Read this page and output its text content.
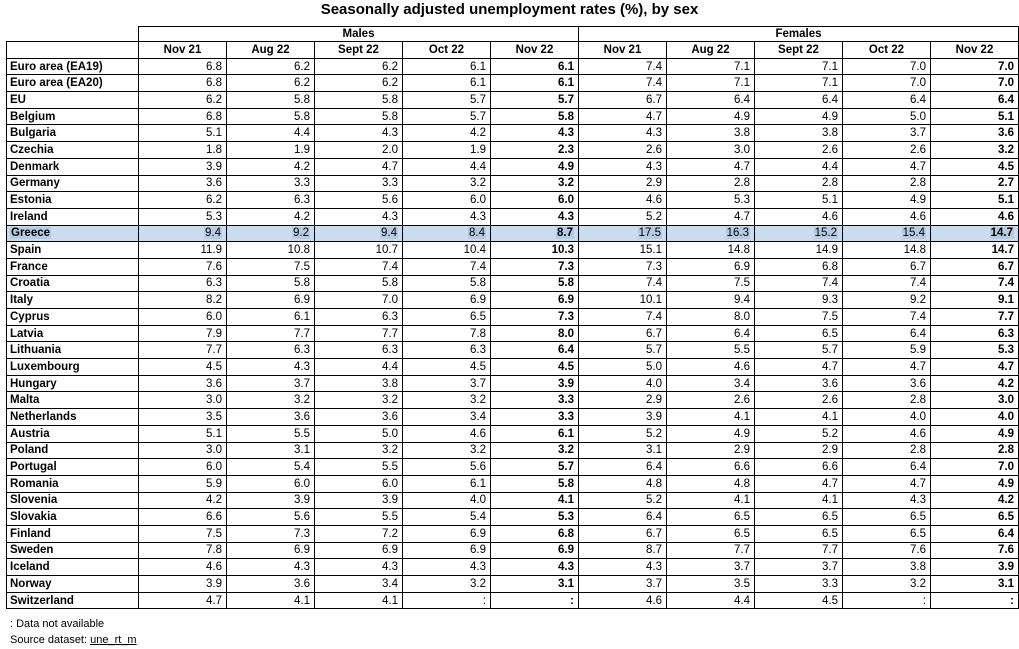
Seasonally adjusted unemployment rates (%), by sex
	Males					Females				
	Nov 21	Aug 22	Sept 22	Oct 22	Nov 22	Nov 21	Aug 22	Sept 22	Oct 22	Nov 22
Euro area (EA19)	6.8	6.2	6.2	6.1	6.1	7.4	7.1	7.1	7.0	7.0
Euro area (EA20)	6.8	6.2	6.2	6.1	6.1	7.4	7.1	7.1	7.0	7.0
EU	6.2	5.8	5.8	5.7	5.7	6.7	6.4	6.4	6.4	6.4
Belgium	6.8	5.8	5.8	5.7	5.8	4.7	4.9	4.9	5.0	5.1
Bulgaria	5.1	4.4	4.3	4.2	4.3	4.3	3.8	3.8	3.7	3.6
Czechia	1.8	1.9	2.0	1.9	2.3	2.6	3.0	2.6	2.6	3.2
Denmark	3.9	4.2	4.7	4.4	4.9	4.3	4.7	4.4	4.7	4.5
Germany	3.6	3.3	3.3	3.2	3.2	2.9	2.8	2.8	2.8	2.7
Estonia	6.2	6.3	5.6	6.0	6.0	4.6	5.3	5.1	4.9	5.1
Ireland	5.3	4.2	4.3	4.3	4.3	5.2	4.7	4.6	4.6	4.6
Greece	9.4	9.2	9.4	8.4	8.7	17.5	16.3	15.2	15.4	14.7
Spain	11.9	10.8	10.7	10.4	10.3	15.1	14.8	14.9	14.8	14.7
France	7.6	7.5	7.4	7.4	7.3	7.3	6.9	6.8	6.7	6.7
Croatia	6.3	5.8	5.8	5.8	5.8	7.4	7.5	7.4	7.4	7.4
Italy	8.2	6.9	7.0	6.9	6.9	10.1	9.4	9.3	9.2	9.1
Cyprus	6.0	6.1	6.3	6.5	7.3	7.4	8.0	7.5	7.4	7.7
Latvia	7.9	7.7	7.7	7.8	8.0	6.7	6.4	6.5	6.4	6.3
Lithuania	7.7	6.3	6.3	6.3	6.4	5.7	5.5	5.7	5.9	5.3
Luxembourg	4.5	4.3	4.4	4.5	4.5	5.0	4.6	4.7	4.7	4.7
Hungary	3.6	3.7	3.8	3.7	3.9	4.0	3.4	3.6	3.6	4.2
Malta	3.0	3.2	3.2	3.2	3.3	2.9	2.6	2.6	2.8	3.0
Netherlands	3.5	3.6	3.6	3.4	3.3	3.9	4.1	4.1	4.0	4.0
Austria	5.1	5.5	5.0	4.6	6.1	5.2	4.9	5.2	4.6	4.9
Poland	3.0	3.1	3.2	3.2	3.2	3.1	2.9	2.9	2.8	2.8
Portugal	6.0	5.4	5.5	5.6	5.7	6.4	6.6	6.6	6.4	7.0
Romania	5.9	6.0	6.0	6.1	5.8	4.8	4.8	4.7	4.7	4.9
Slovenia	4.2	3.9	3.9	4.0	4.1	5.2	4.1	4.1	4.3	4.2
Slovakia	6.6	5.6	5.5	5.4	5.3	6.4	6.5	6.5	6.5	6.5
Finland	7.5	7.3	7.2	6.9	6.8	6.7	6.5	6.5	6.5	6.4
Sweden	7.8	6.9	6.9	6.9	6.9	8.7	7.7	7.7	7.6	7.6
Iceland	4.6	4.3	4.3	4.3	4.3	4.3	3.7	3.7	3.8	3.9
Norway	3.9	3.6	3.4	3.2	3.1	3.7	3.5	3.3	3.2	3.1
Switzerland	4.7	4.1	4.1	:	:	4.6	4.4	4.5	:	:
: Data not available
Source dataset: une_rt_m
